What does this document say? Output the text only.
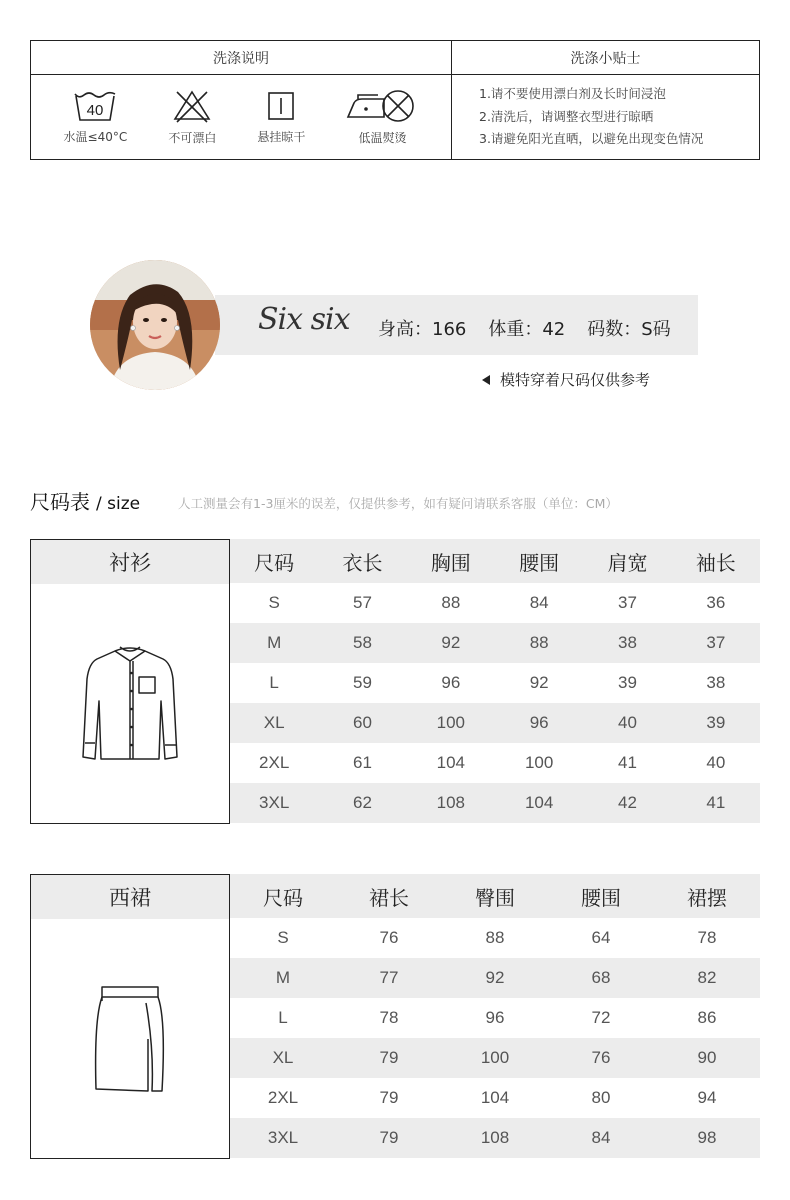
洗涤说明
40
水温≤40°C	不可漂白	悬挂晾干	低温熨烫
洗涤小贴士
1.请不要使用漂白剂及长时间浸泡
2.清洗后，请调整衣型进行晾晒
3.请避免阳光直晒，以避免出现变色情况
Six six 身高：166 体重：42 码数：S码
模特穿着尺码仅供参考
尺码表 / size	人工测量会有1-3厘米的误差，仅提供参考，如有疑问请联系客服（单位：CM）
衬衫	尺码	衣长	胸围	腰围	肩宽	袖长
S	57	88	84	37	36
M	58	92	88	38	37
L	59	96	92	39	38
XL	60	100	96	40	39
2XL	61	104	100	41	40
3XL	62	108	104	42	41
西裙	尺码	裙长	臀围	腰围	裙摆
S	76	88	64	78
M	77	92	68	82
L	78	96	72	86
XL	79	100	76	90
2XL	79	104	80	94
3XL	79	108	84	98
